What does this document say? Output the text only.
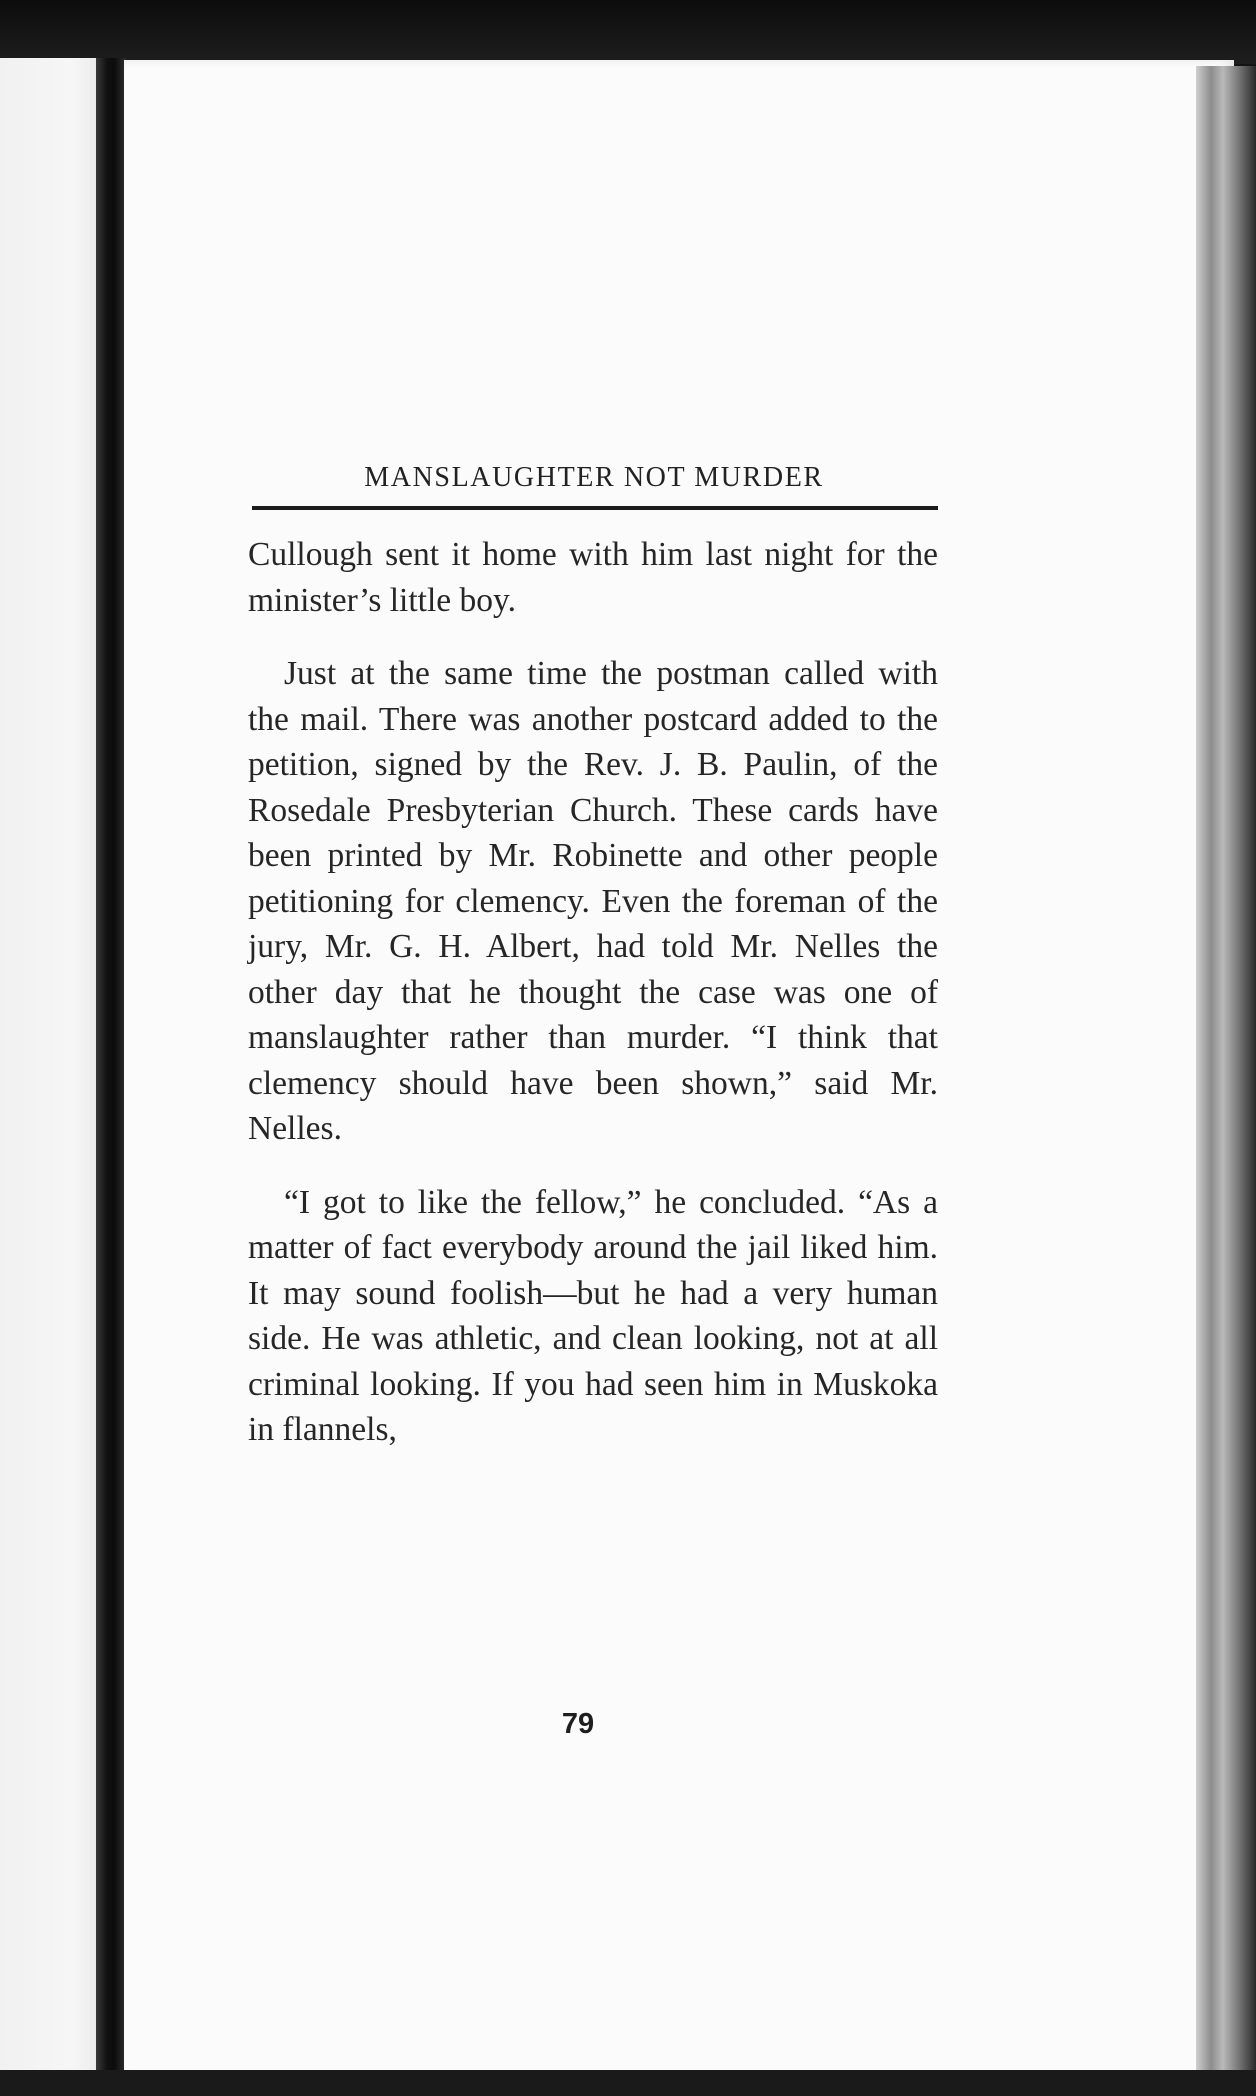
MANSLAUGHTER NOT MURDER

Cullough sent it home with him last night for the minister’s little boy.

Just at the same time the postman called with the mail. There was another postcard added to the petition, signed by the Rev. J. B. Paulin, of the Rosedale Presbyterian Church. These cards have been printed by Mr. Robinette and other people petitioning for clemency. Even the foreman of the jury, Mr. G. H. Albert, had told Mr. Nelles the other day that he thought the case was one of manslaughter rather than murder. “I think that clemency should have been shown,” said Mr. Nelles.

“I got to like the fellow,” he concluded. “As a matter of fact everybody around the jail liked him. It may sound foolish—but he had a very human side. He was athletic, and clean looking, not at all criminal looking. If you had seen him in Muskoka in flannels,

79
